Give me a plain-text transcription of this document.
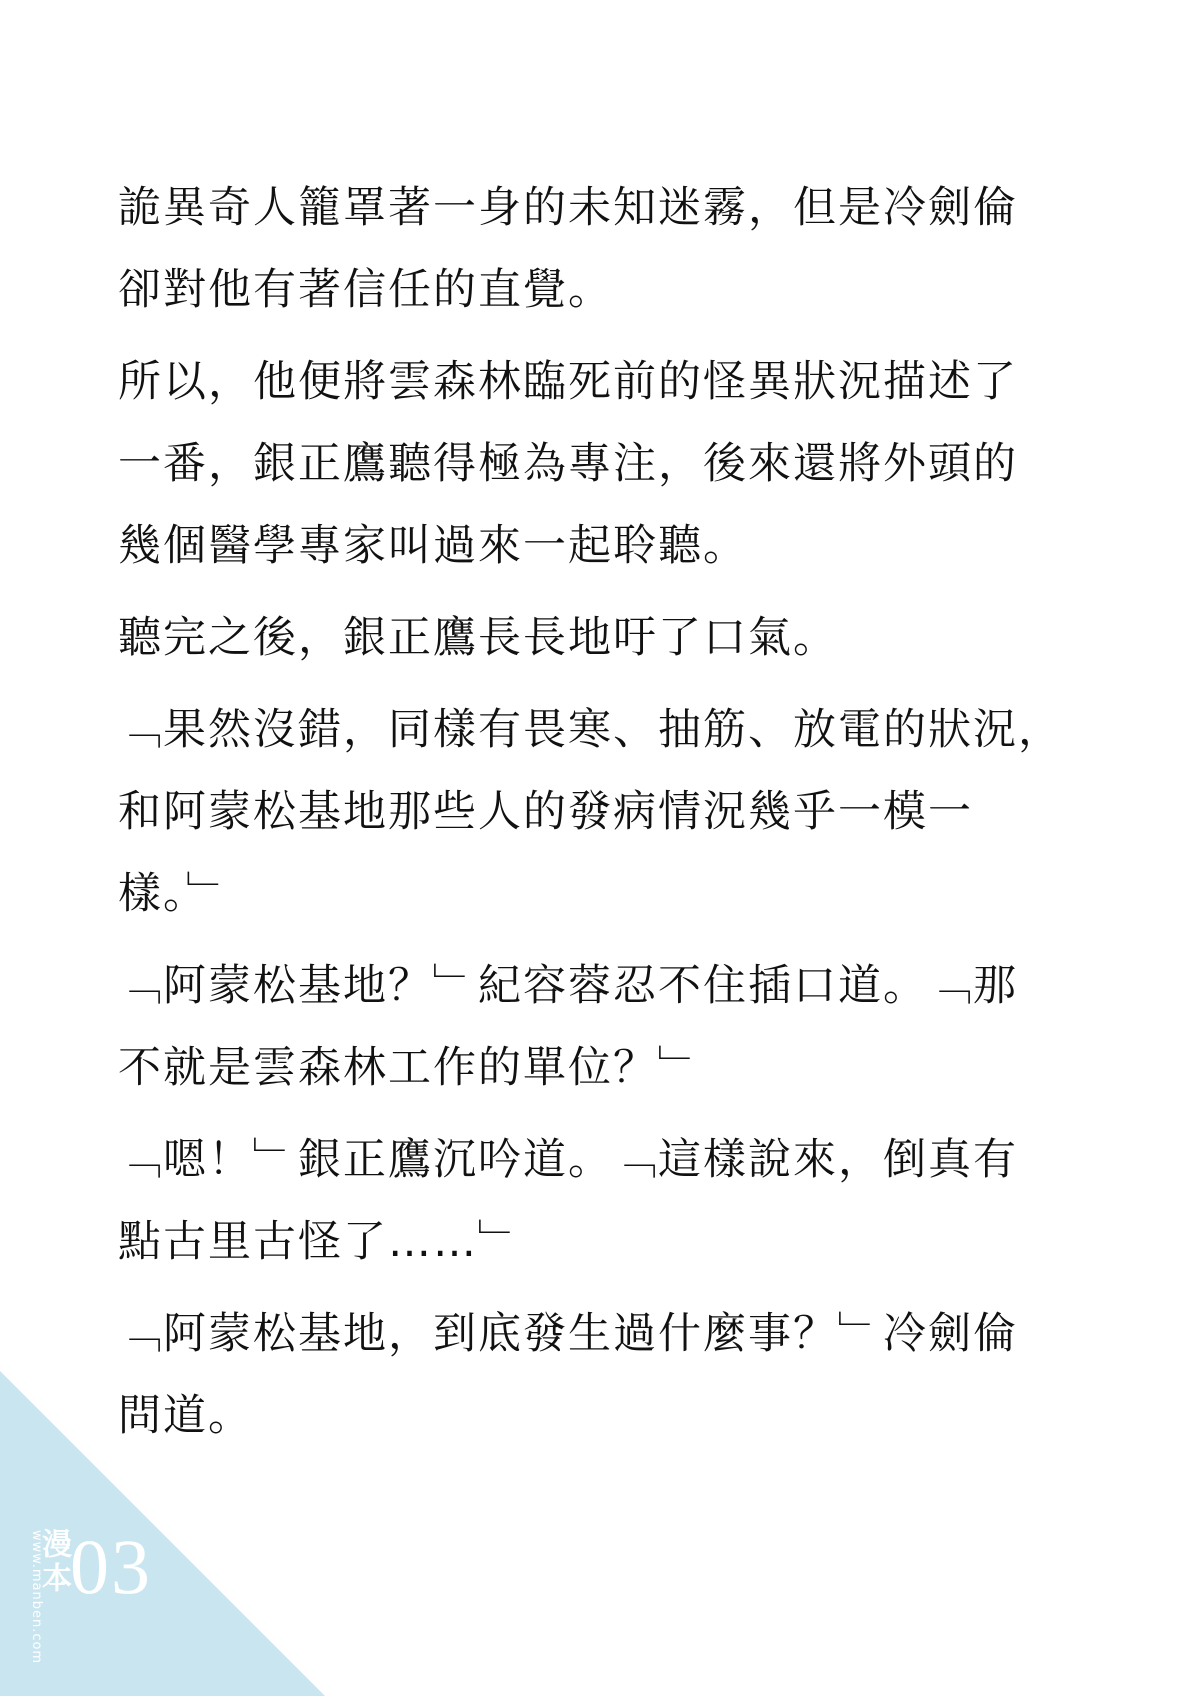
詭異奇人籠罩著一身的未知迷霧，但是冷劍倫
卻對他有著信任的直覺。
所以，他便將雲森林臨死前的怪異狀況描述了
一番，銀正鷹聽得極為專注，後來還將外頭的
幾個醫學專家叫過來一起聆聽。
聽完之後，銀正鷹長長地吁了口氣。
﹁果然沒錯，同樣有畏寒、抽筋、放電的狀況，
和阿蒙松基地那些人的發病情況幾乎一模一
樣。﹂
﹁阿蒙松基地？﹂紀容蓉忍不住插口道。﹁那
不就是雲森林工作的單位？﹂
﹁嗯！﹂銀正鷹沉吟道。﹁這樣說來，倒真有
點古里古怪了……﹂
﹁阿蒙松基地，到底發生過什麼事？﹂冷劍倫
問道。
www.manben.com
漫本 03
